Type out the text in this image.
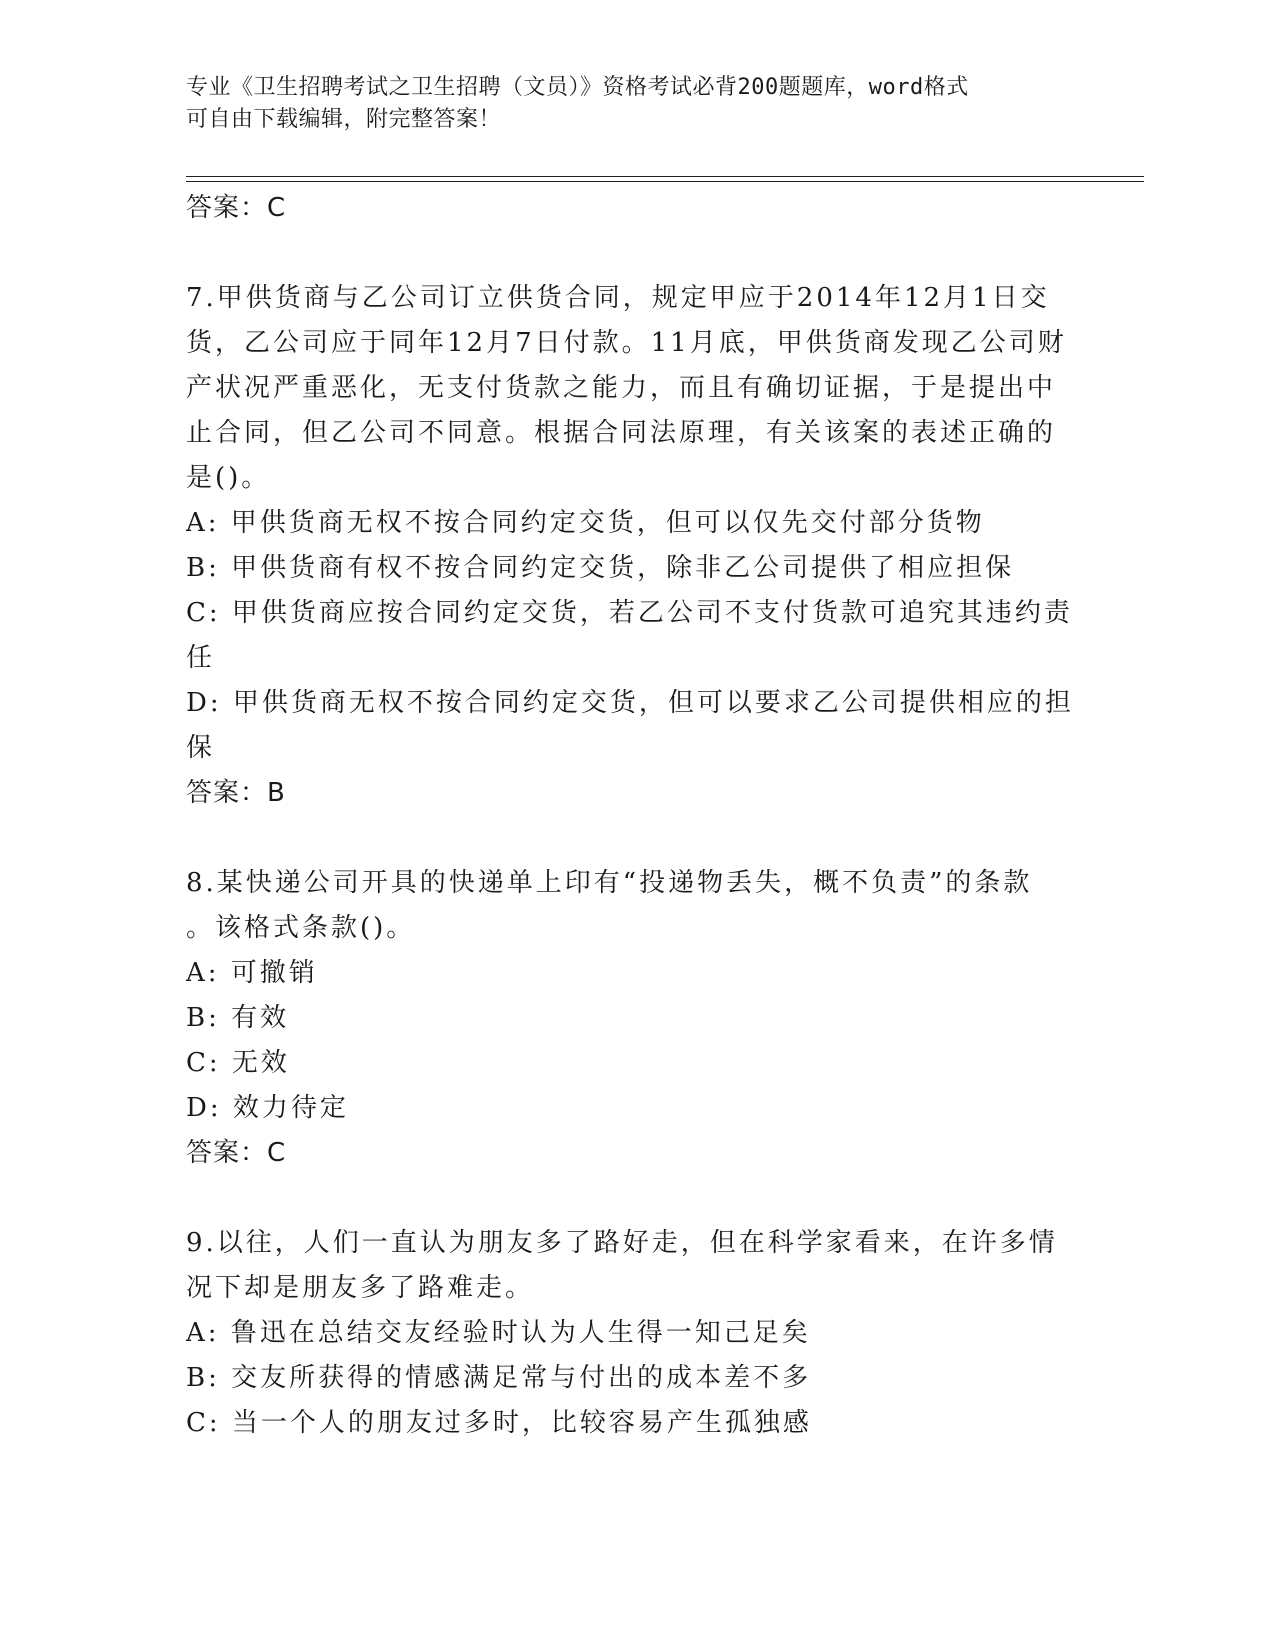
专业《卫生招聘考试之卫生招聘（文员）》资格考试必背200题题库，word格式
可自由下载编辑，附完整答案！
答案：C
7.甲供货商与乙公司订立供货合同，规定甲应于2014年12月1日交
货，乙公司应于同年12月7日付款。11月底，甲供货商发现乙公司财
产状况严重恶化，无支付货款之能力，而且有确切证据，于是提出中
止合同，但乙公司不同意。根据合同法原理，有关该案的表述正确的
是()。
A: 甲供货商无权不按合同约定交货，但可以仅先交付部分货物
B: 甲供货商有权不按合同约定交货，除非乙公司提供了相应担保
C: 甲供货商应按合同约定交货，若乙公司不支付货款可追究其违约责
任
D: 甲供货商无权不按合同约定交货，但可以要求乙公司提供相应的担
保
答案：B
8.某快递公司开具的快递单上印有“投递物丢失，概不负责”的条款
。该格式条款()。
A: 可撤销
B: 有效
C: 无效
D: 效力待定
答案：C
9.以往，人们一直认为朋友多了路好走，但在科学家看来，在许多情
况下却是朋友多了路难走。
A: 鲁迅在总结交友经验时认为人生得一知己足矣
B: 交友所获得的情感满足常与付出的成本差不多
C: 当一个人的朋友过多时，比较容易产生孤独感
